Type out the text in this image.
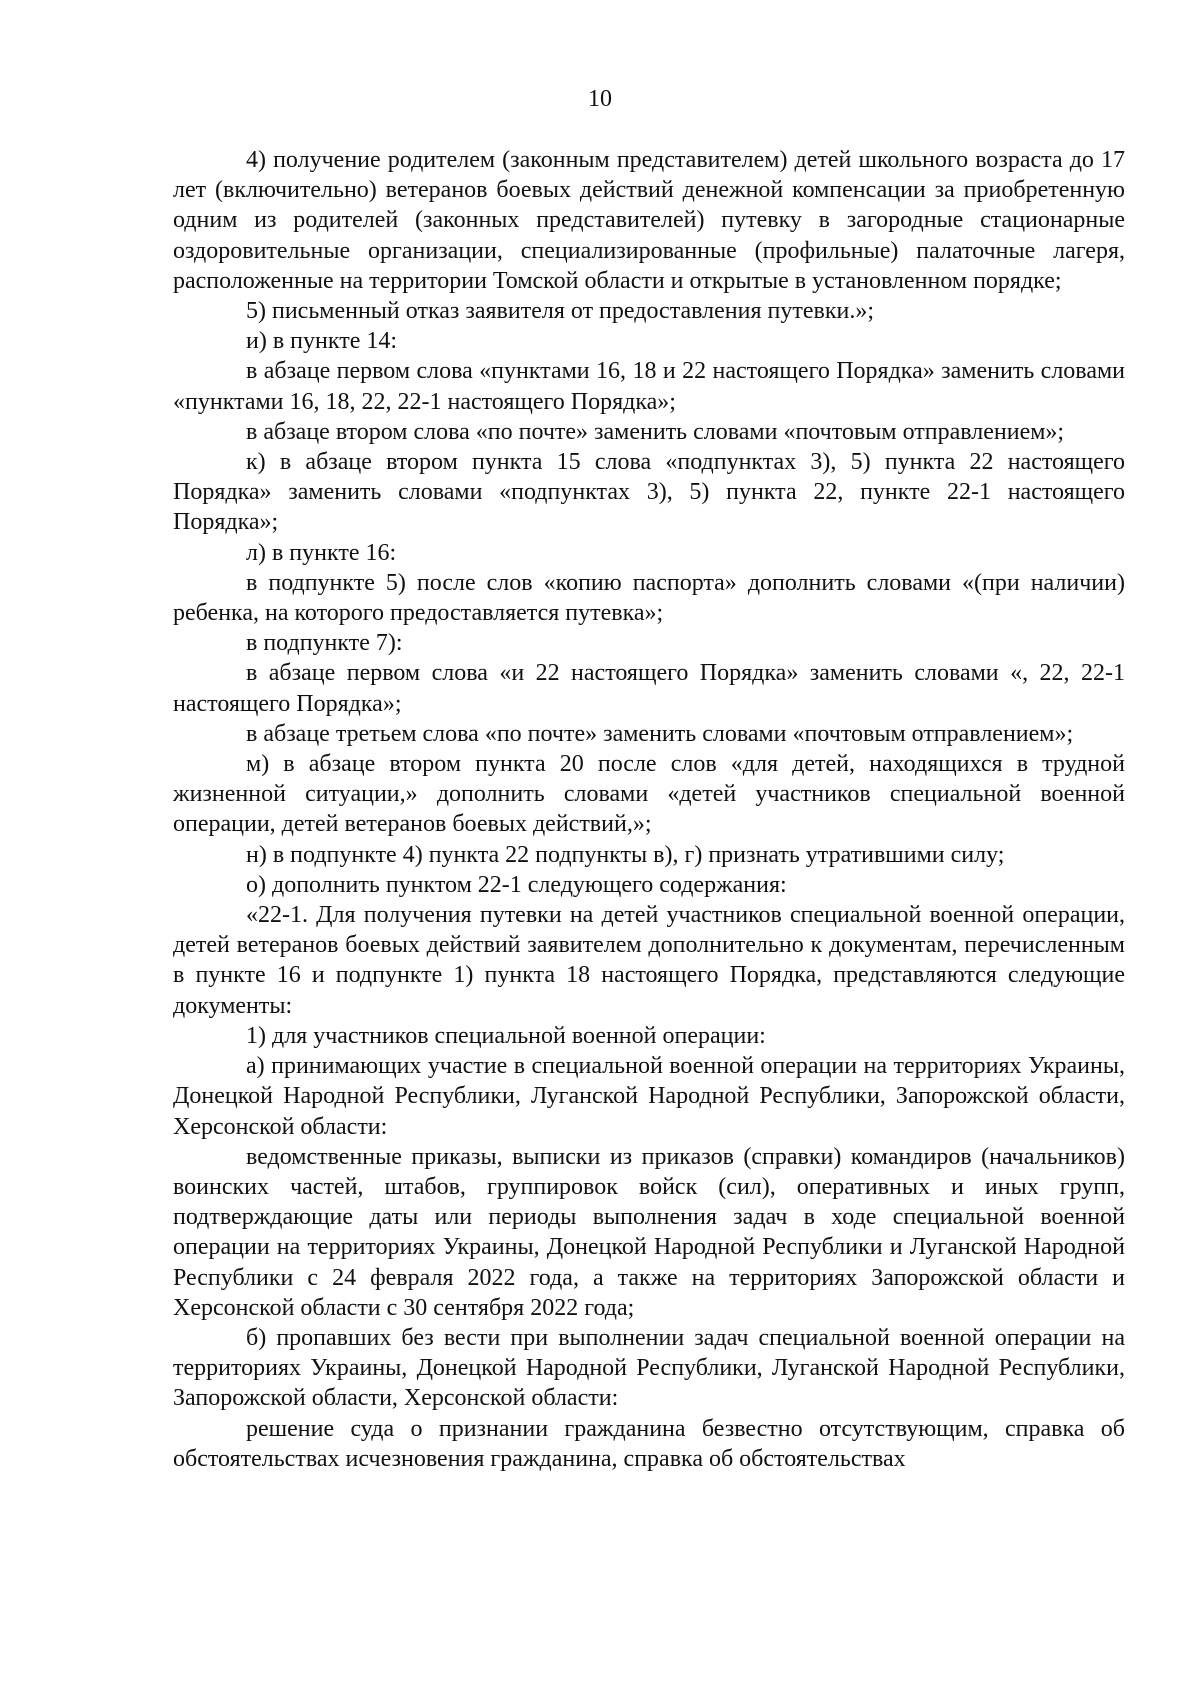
10

4) получение родителем (законным представителем) детей школьного возраста до 17 лет (включительно) ветеранов боевых действий денежной компенсации за приобретенную одним из родителей (законных представителей) путевку в загородные стационарные оздоровительные организации, специализированные (профильные) палаточные лагеря, расположенные на территории Томской области и открытые в установленном порядке;

5) письменный отказ заявителя от предоставления путевки.»;

и) в пункте 14:

в абзаце первом слова «пунктами 16, 18 и 22 настоящего Порядка» заменить словами «пунктами 16, 18, 22, 22-1 настоящего Порядка»;

в абзаце втором слова «по почте» заменить словами «почтовым отправлением»;

к) в абзаце втором пункта 15 слова «подпунктах 3), 5) пункта 22 настоящего Порядка» заменить словами «подпунктах 3), 5) пункта 22, пункте 22-1 настоящего Порядка»;

л) в пункте 16:

в подпункте 5) после слов «копию паспорта» дополнить словами «(при наличии) ребенка, на которого предоставляется путевка»;

в подпункте 7):

в абзаце первом слова «и 22 настоящего Порядка» заменить словами «, 22, 22-1 настоящего Порядка»;

в абзаце третьем слова «по почте» заменить словами «почтовым отправлением»;

м) в абзаце втором пункта 20 после слов «для детей, находящихся в трудной жизненной ситуации,» дополнить словами «детей участников специальной военной операции, детей ветеранов боевых действий,»;

н) в подпункте 4) пункта 22 подпункты в), г) признать утратившими силу;

о) дополнить пунктом 22-1 следующего содержания:

«22-1. Для получения путевки на детей участников специальной военной операции, детей ветеранов боевых действий заявителем дополнительно к документам, перечисленным в пункте 16 и подпункте 1) пункта 18 настоящего Порядка, представляются следующие документы:

1) для участников специальной военной операции:

а) принимающих участие в специальной военной операции на территориях Украины, Донецкой Народной Республики, Луганской Народной Республики, Запорожской области, Херсонской области:

ведомственные приказы, выписки из приказов (справки) командиров (начальников) воинских частей, штабов, группировок войск (сил), оперативных и иных групп, подтверждающие даты или периоды выполнения задач в ходе специальной военной операции на территориях Украины, Донецкой Народной Республики и Луганской Народной Республики с 24 февраля 2022 года, а также на территориях Запорожской области и Херсонской области с 30 сентября 2022 года;

б) пропавших без вести при выполнении задач специальной военной операции на территориях Украины, Донецкой Народной Республики, Луганской Народной Республики, Запорожской области, Херсонской области:

решение суда о признании гражданина безвестно отсутствующим, справка об обстоятельствах исчезновения гражданина, справка об обстоятельствах
